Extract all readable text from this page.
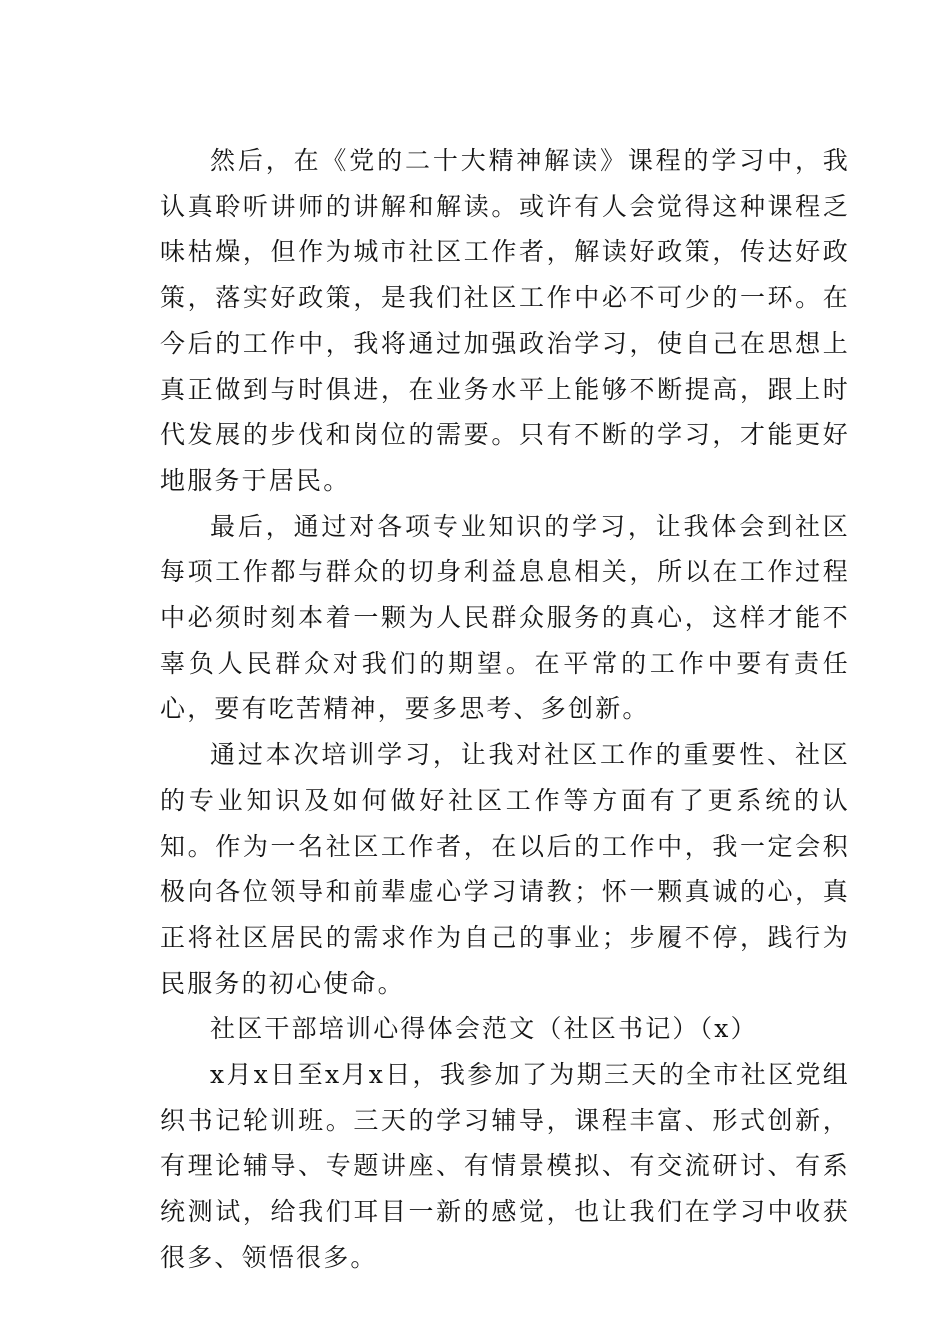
然后，在《党的二十大精神解读》课程的学习中，我认真聆听讲师的讲解和解读。或许有人会觉得这种课程乏味枯燥，但作为城市社区工作者，解读好政策，传达好政策，落实好政策，是我们社区工作中必不可少的一环。在今后的工作中，我将通过加强政治学习，使自己在思想上真正做到与时俱进，在业务水平上能够不断提高，跟上时代发展的步伐和岗位的需要。只有不断的学习，才能更好地服务于居民。

最后，通过对各项专业知识的学习，让我体会到社区每项工作都与群众的切身利益息息相关，所以在工作过程中必须时刻本着一颗为人民群众服务的真心，这样才能不辜负人民群众对我们的期望。在平常的工作中要有责任心，要有吃苦精神，要多思考、多创新。

通过本次培训学习，让我对社区工作的重要性、社区的专业知识及如何做好社区工作等方面有了更系统的认知。作为一名社区工作者，在以后的工作中，我一定会积极向各位领导和前辈虚心学习请教；怀一颗真诚的心，真正将社区居民的需求作为自己的事业；步履不停，践行为民服务的初心使命。

社区干部培训心得体会范文（社区书记）（x）

x月x日至x月x日，我参加了为期三天的全市社区党组织书记轮训班。三天的学习辅导，课程丰富、形式创新，有理论辅导、专题讲座、有情景模拟、有交流研讨、有系统测试，给我们耳目一新的感觉，也让我们在学习中收获很多、领悟很多。
